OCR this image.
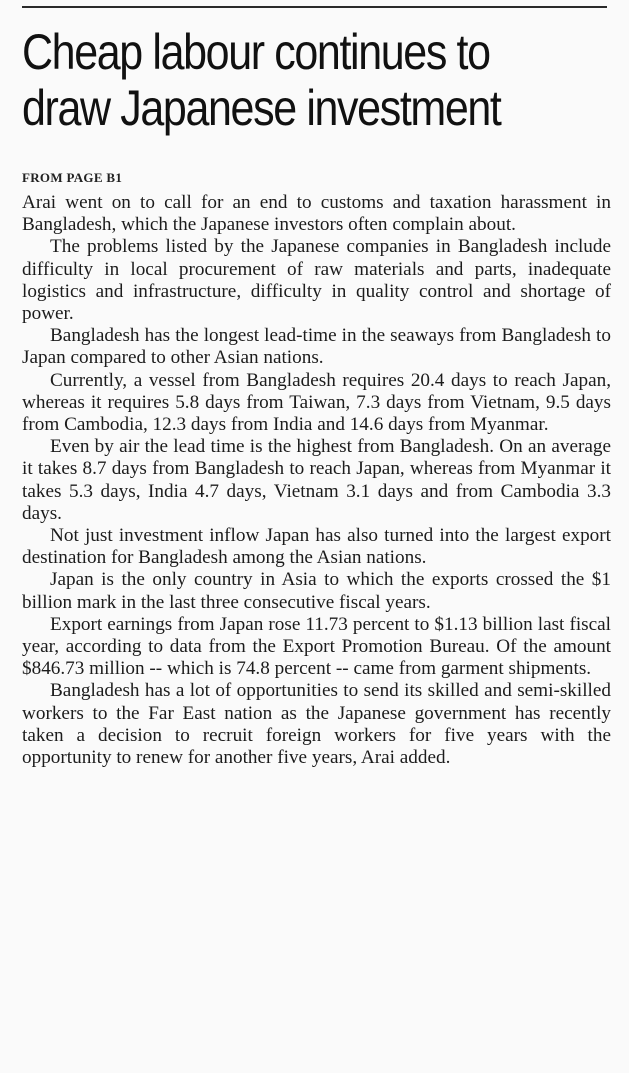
Cheap labour continues to
draw Japanese investment
FROM PAGE B1

Arai went on to call for an end to customs and taxation harassment in Bangladesh, which the Japanese investors often complain about.

The problems listed by the Japanese companies in Bangladesh include difficulty in local procurement of raw materials and parts, inadequate logistics and infrastructure, difficulty in quality control and shortage of power.

Bangladesh has the longest lead-time in the seaways from Bangladesh to Japan compared to other Asian nations.

Currently, a vessel from Bangladesh requires 20.4 days to reach Japan, whereas it requires 5.8 days from Taiwan, 7.3 days from Vietnam, 9.5 days from Cambodia, 12.3 days from India and 14.6 days from Myanmar.

Even by air the lead time is the highest from Bangladesh. On an average it takes 8.7 days from Bangladesh to reach Japan, whereas from Myanmar it takes 5.3 days, India 4.7 days, Vietnam 3.1 days and from Cambodia 3.3 days.

Not just investment inflow Japan has also turned into the largest export destination for Bangladesh among the Asian nations.

Japan is the only country in Asia to which the exports crossed the $1 billion mark in the last three consecutive fiscal years.

Export earnings from Japan rose 11.73 percent to $1.13 billion last fiscal year, according to data from the Export Promotion Bureau. Of the amount $846.73 million -- which is 74.8 percent -- came from garment shipments.

Bangladesh has a lot of opportunities to send its skilled and semi-skilled workers to the Far East nation as the Japanese government has recently taken a decision to recruit foreign workers for five years with the opportunity to renew for another five years, Arai added.
